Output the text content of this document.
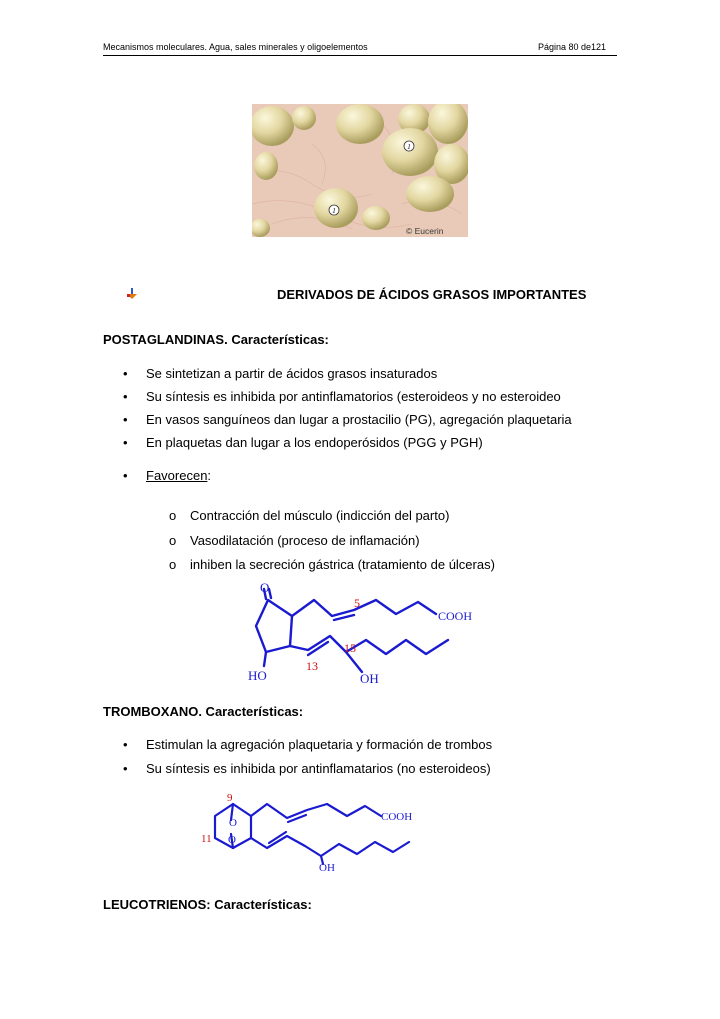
Mecanismos moleculares. Agua, sales minerales y oligoelementos	Página 80 de121
1
1
© Eucerin
DERIVADOS DE ÁCIDOS GRASOS IMPORTANTES
POSTAGLANDINAS. Características:
• Se sintetizan a partir de ácidos grasos insaturados
• Su síntesis es inhibida por antinflamatorios (esteroideos y no esteroideo
• En vasos sanguíneos dan lugar a prostacilio (PG), agregación plaquetaria
• En plaquetas dan lugar a los endoperósidos (PGG y PGH)
• Favorecen:
o Contracción del músculo (indicción del parto)
o Vasodilatación (proceso de inflamación)
o inhiben la secreción gástrica (tratamiento de úlceras)
O
COOH
5
13
15
HO	OH
TROMBOXANO. Características:
• Estimulan la agregación plaquetaria y formación de trombos
• Su síntesis es inhibida por antinflamatarios (no esteroideos)
O
O
9
11
COOH
OH
LEUCOTRIENOS: Características:
